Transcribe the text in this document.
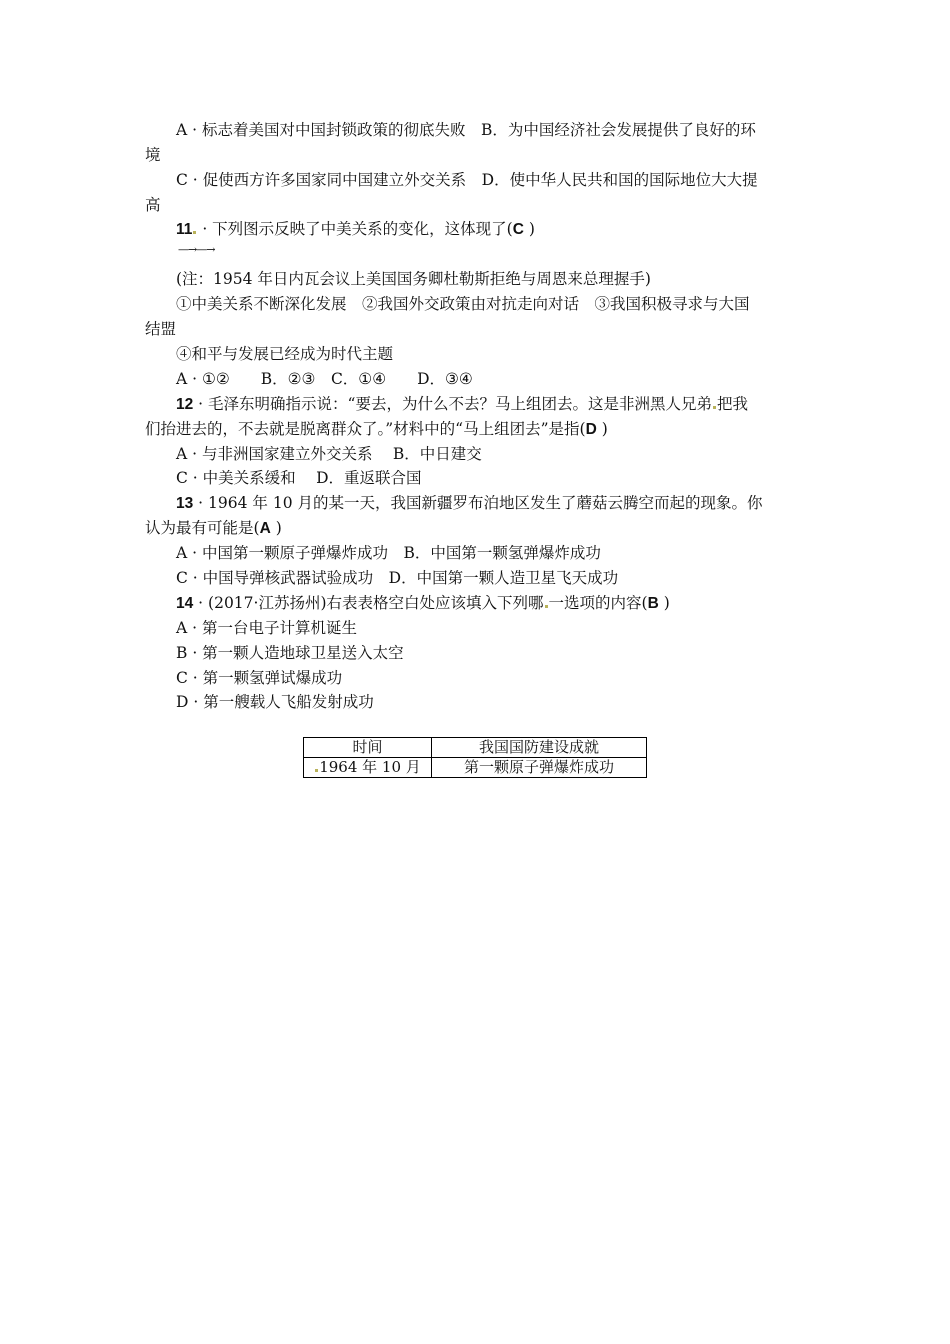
A · 标志着美国对中国封锁政策的彻底失败　B．为中国经济社会发展提供了良好的环
境
C · 促使西方许多国家同中国建立外交关系　D．使中华人民共和国的国际地位大大提
高
11 · 下列图示反映了中美关系的变化，这体现了(C )
—→—→
(注：1954 年日内瓦会议上美国国务卿杜勒斯拒绝与周恩来总理握手)
①中美关系不断深化发展　②我国外交政策由对抗走向对话　③我国积极寻求与大国
结盟
④和平与发展已经成为时代主题
A · ①②　　B．②③　C．①④　　D．③④
12 · 毛泽东明确指示说：“要去，为什么不去？马上组团去。这是非洲黑人兄弟 把我
们抬进去的，不去就是脱离群众了。”材料中的“马上组团去”是指(D )
A · 与非洲国家建立外交关系　 B．中日建交
C · 中美关系缓和　 D．重返联合国
13 · 1964 年 10 月的某一天，我国新疆罗布泊地区发生了蘑菇云腾空而起的现象。你
认为最有可能是(A )
A · 中国第一颗原子弹爆炸成功　B．中国第一颗氢弹爆炸成功
C · 中国导弹核武器试验成功　D．中国第一颗人造卫星飞天成功
14 · (2017·江苏扬州)右表表格空白处应该填入下列哪 一选项的内容(B )
A · 第一台电子计算机诞生
B · 第一颗人造地球卫星送入太空
C · 第一颗氢弹试爆成功
D · 第一艘载人飞船发射成功
时间	我国国防建设成就
1964 年 10 月	第一颗原子弹爆炸成功
